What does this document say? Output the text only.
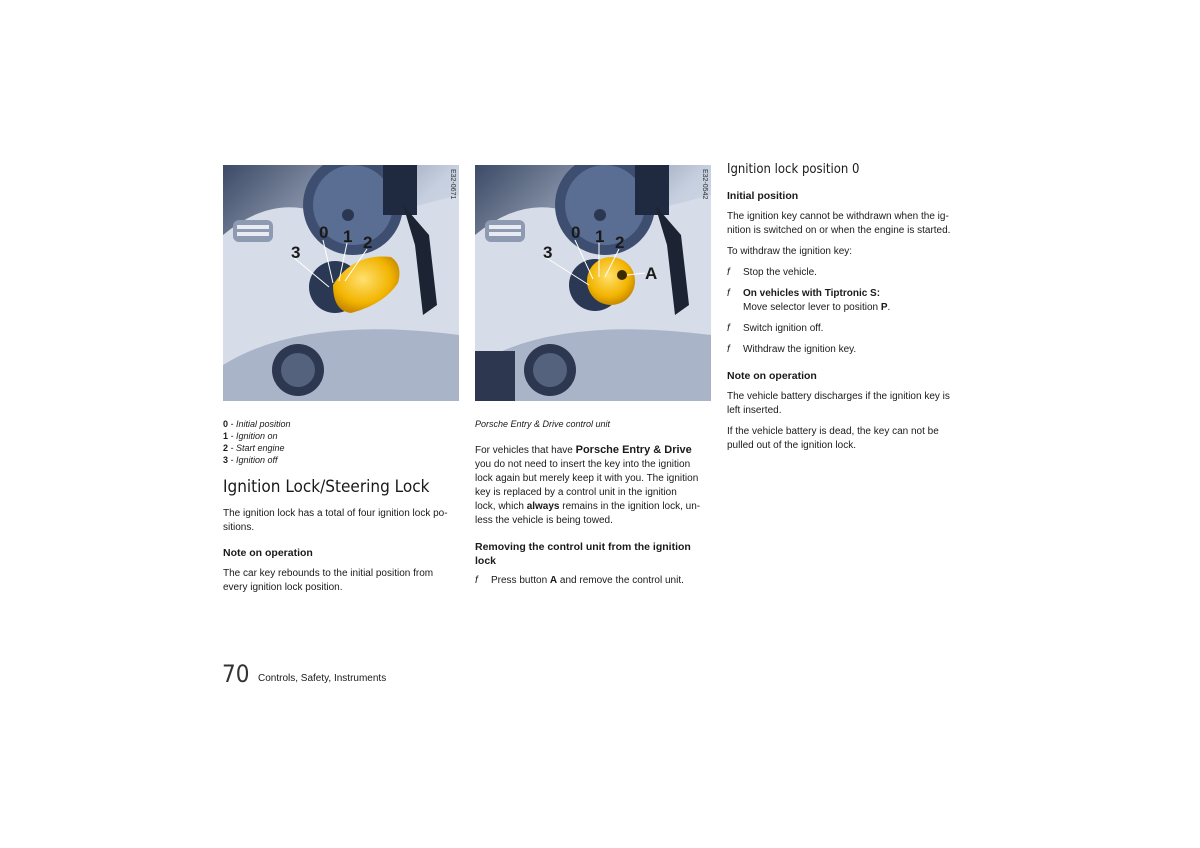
3
0 1 2
E32-0671
3
0 1 2
A
E32-0542
0 - Initial position
1 - Ignition on
2 - Start engine
3 - Ignition off
Ignition Lock/Steering Lock
The ignition lock has a total of four ignition lock po-
sitions.
Note on operation
The car key rebounds to the initial position from
every ignition lock position.
Porsche Entry & Drive control unit
For vehicles that have Porsche Entry & Drive
you do not need to insert the key into the ignition
lock again but merely keep it with you. The ignition
key is replaced by a control unit in the ignition
lock, which always remains in the ignition lock, un-
less the vehicle is being towed.
Removing the control unit from the ignition
lock
f Press button A and remove the control unit.
Ignition lock position 0
Initial position
The ignition key cannot be withdrawn when the ig-
nition is switched on or when the engine is started.
To withdraw the ignition key:
f Stop the vehicle.
f On vehicles with Tiptronic S:
Move selector lever to position P.
f Switch ignition off.
f Withdraw the ignition key.
Note on operation
The vehicle battery discharges if the ignition key is
left inserted.
If the vehicle battery is dead, the key can not be
pulled out of the ignition lock.
70 Controls, Safety, Instruments
